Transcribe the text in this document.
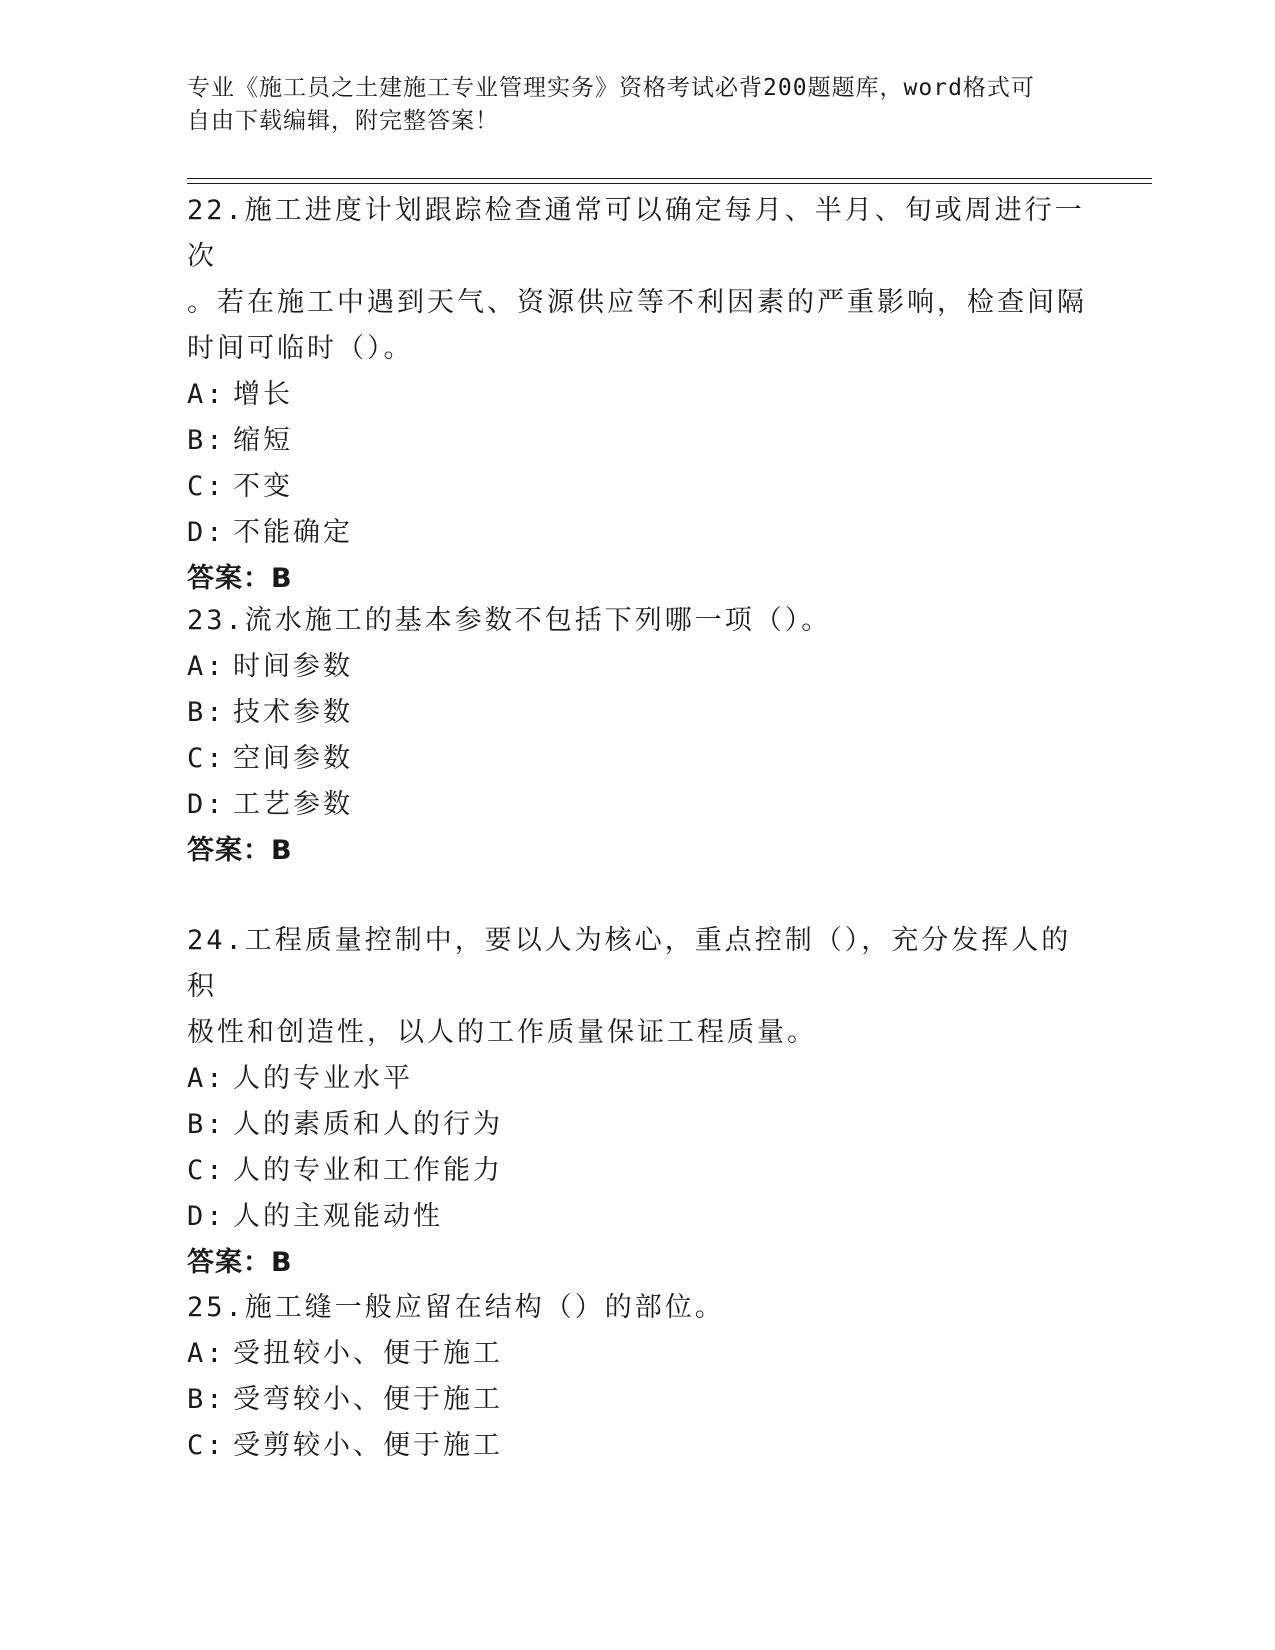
专业《施工员之土建施工专业管理实务》资格考试必背200题题库，word格式可
自由下载编辑，附完整答案！

22.施工进度计划跟踪检查通常可以确定每月、半月、旬或周进行一次

。若在施工中遇到天气、资源供应等不利因素的严重影响，检查间隔

时间可临时（）。

A: 增长

B: 缩短

C: 不变

D: 不能确定

答案：B

23.流水施工的基本参数不包括下列哪一项（）。

A: 时间参数

B: 技术参数

C: 空间参数

D: 工艺参数

答案：B

24.工程质量控制中，要以人为核心，重点控制（），充分发挥人的积

极性和创造性，以人的工作质量保证工程质量。

A: 人的专业水平

B: 人的素质和人的行为

C: 人的专业和工作能力

D: 人的主观能动性

答案：B

25.施工缝一般应留在结构（）的部位。

A: 受扭较小、便于施工

B: 受弯较小、便于施工

C: 受剪较小、便于施工
